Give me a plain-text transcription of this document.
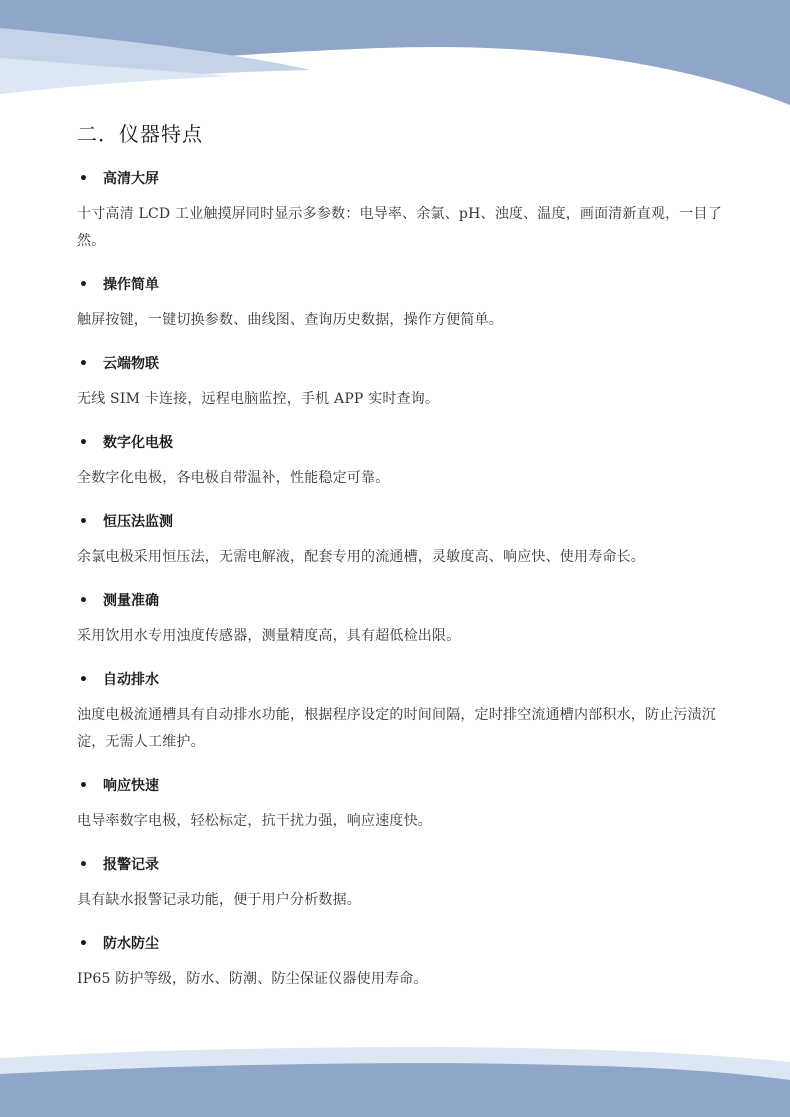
二．仪器特点
•	高清大屏
十寸高清 LCD 工业触摸屏同时显示多参数：电导率、余氯、pH、浊度、温度，画面清新直观，一目了然。
•	操作简单
触屏按键，一键切换参数、曲线图、查询历史数据，操作方便简单。
•	云端物联
无线 SIM 卡连接，远程电脑监控，手机 APP 实时查询。
•	数字化电极
全数字化电极，各电极自带温补，性能稳定可靠。
•	恒压法监测
余氯电极采用恒压法，无需电解液，配套专用的流通槽，灵敏度高、响应快、使用寿命长。
•	测量准确
采用饮用水专用浊度传感器，测量精度高，具有超低检出限。
•	自动排水
浊度电极流通槽具有自动排水功能，根据程序设定的时间间隔，定时排空流通槽内部积水，防止污渍沉淀，无需人工维护。
•	响应快速
电导率数字电极，轻松标定，抗干扰力强，响应速度快。
•	报警记录
具有缺水报警记录功能，便于用户分析数据。
•	防水防尘
IP65 防护等级，防水、防潮、防尘保证仪器使用寿命。
